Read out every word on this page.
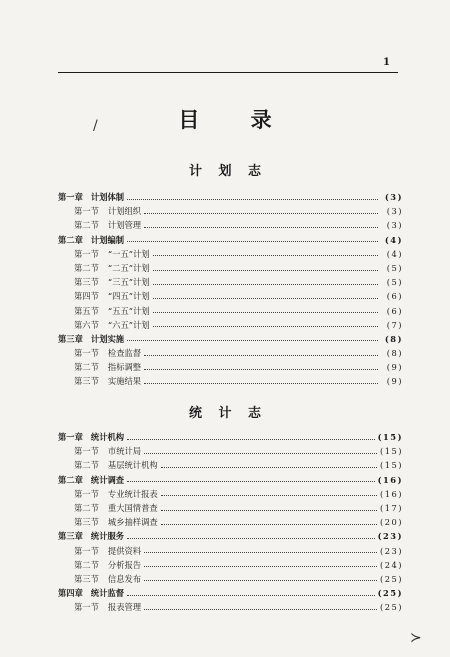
1
目 录
计 划 志
第一章 计划体制	(3)
第一节 计划组织	(3)
第二节 计划管理	(3)
第二章 计划编制	(4)
第一节 “一五”计划	(4)
第二节 “二五”计划	(5)
第三节 “三五”计划	(5)
第四节 “四五”计划	(6)
第五节 “五五”计划	(6)
第六节 “六五”计划	(7)
第三章 计划实施	(8)
第一节 检查监督	(8)
第二节 指标调整	(9)
第三节 实施结果	(9)
统 计 志
第一章 统计机构	(15)
第一节 市统计局	(15)
第二节 基层统计机构	(15)
第二章 统计调查	(16)
第一节 专业统计报表	(16)
第二节 重大国情普查	(17)
第三节 城乡抽样调查	(20)
第三章 统计服务	(23)
第一节 提供资料	(23)
第二节 分析报告	(24)
第三节 信息发布	(25)
第四章 统计监督	(25)
第一节 报表管理	(25)
/
≻
